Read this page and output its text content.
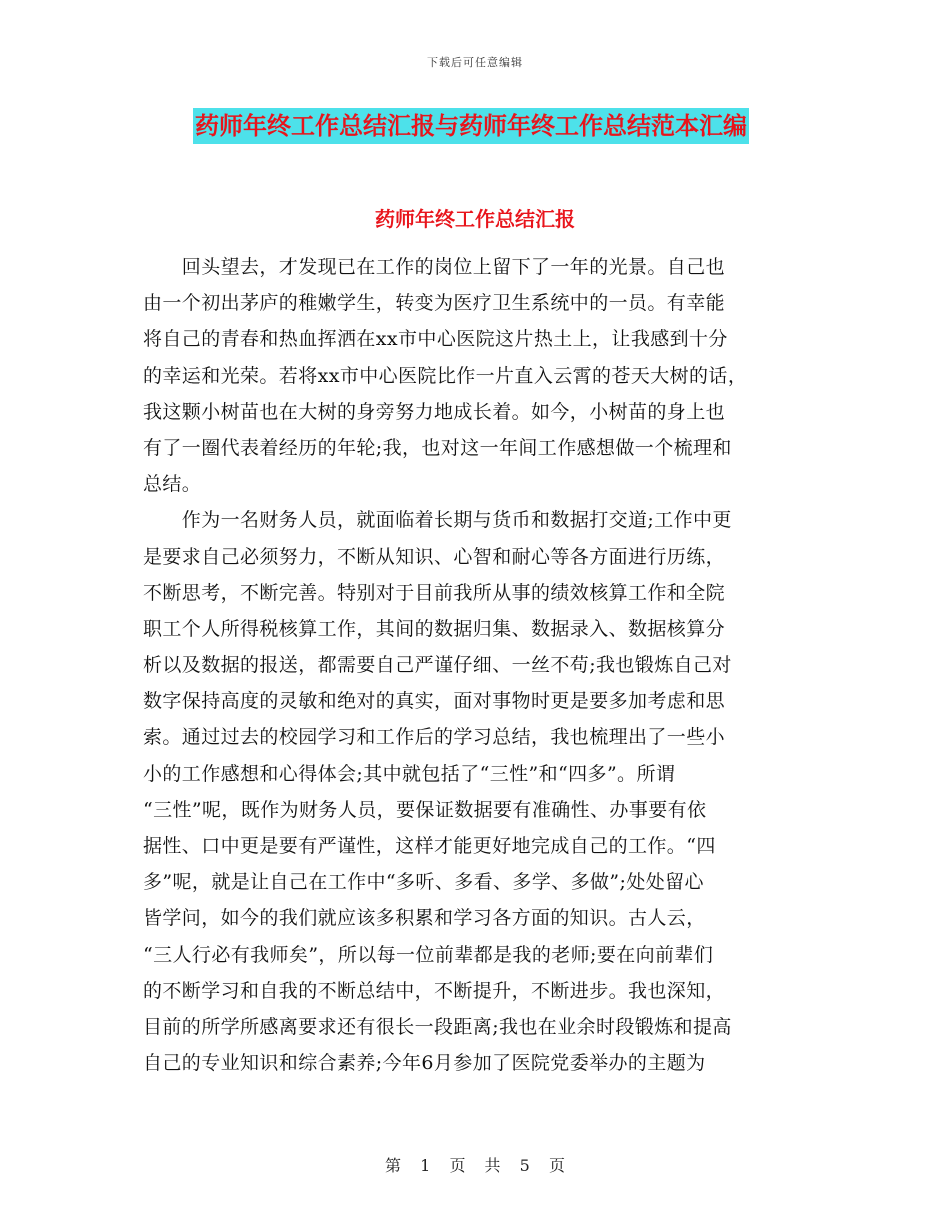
下载后可任意编辑
药师年终工作总结汇报与药师年终工作总结范本汇编
药师年终工作总结汇报
　　回头望去，才发现已在工作的岗位上留下了一年的光景。自己也
由一个初出茅庐的稚嫩学生，转变为医疗卫生系统中的一员。有幸能
将自己的青春和热血挥洒在xx市中心医院这片热土上，让我感到十分
的幸运和光荣。若将xx市中心医院比作一片直入云霄的苍天大树的话，
我这颗小树苗也在大树的身旁努力地成长着。如今，小树苗的身上也
有了一圈代表着经历的年轮;我，也对这一年间工作感想做一个梳理和
总结。
　　作为一名财务人员，就面临着长期与货币和数据打交道;工作中更
是要求自己必须努力，不断从知识、心智和耐心等各方面进行历练，
不断思考，不断完善。特别对于目前我所从事的绩效核算工作和全院
职工个人所得税核算工作，其间的数据归集、数据录入、数据核算分
析以及数据的报送，都需要自己严谨仔细、一丝不苟;我也锻炼自己对
数字保持高度的灵敏和绝对的真实，面对事物时更是要多加考虑和思
索。通过过去的校园学习和工作后的学习总结，我也梳理出了一些小
小的工作感想和心得体会;其中就包括了“三性”和“四多”。所谓
“三性”呢，既作为财务人员，要保证数据要有准确性、办事要有依
据性、口中更是要有严谨性，这样才能更好地完成自己的工作。“四
多”呢，就是让自己在工作中“多听、多看、多学、多做”;处处留心
皆学问，如今的我们就应该多积累和学习各方面的知识。古人云，
“三人行必有我师矣”，所以每一位前辈都是我的老师;要在向前辈们
的不断学习和自我的不断总结中，不断提升，不断进步。我也深知，
目前的所学所感离要求还有很长一段距离;我也在业余时段锻炼和提高
自己的专业知识和综合素养;今年6月参加了医院党委举办的主题为
第 1 页 共 5 页
